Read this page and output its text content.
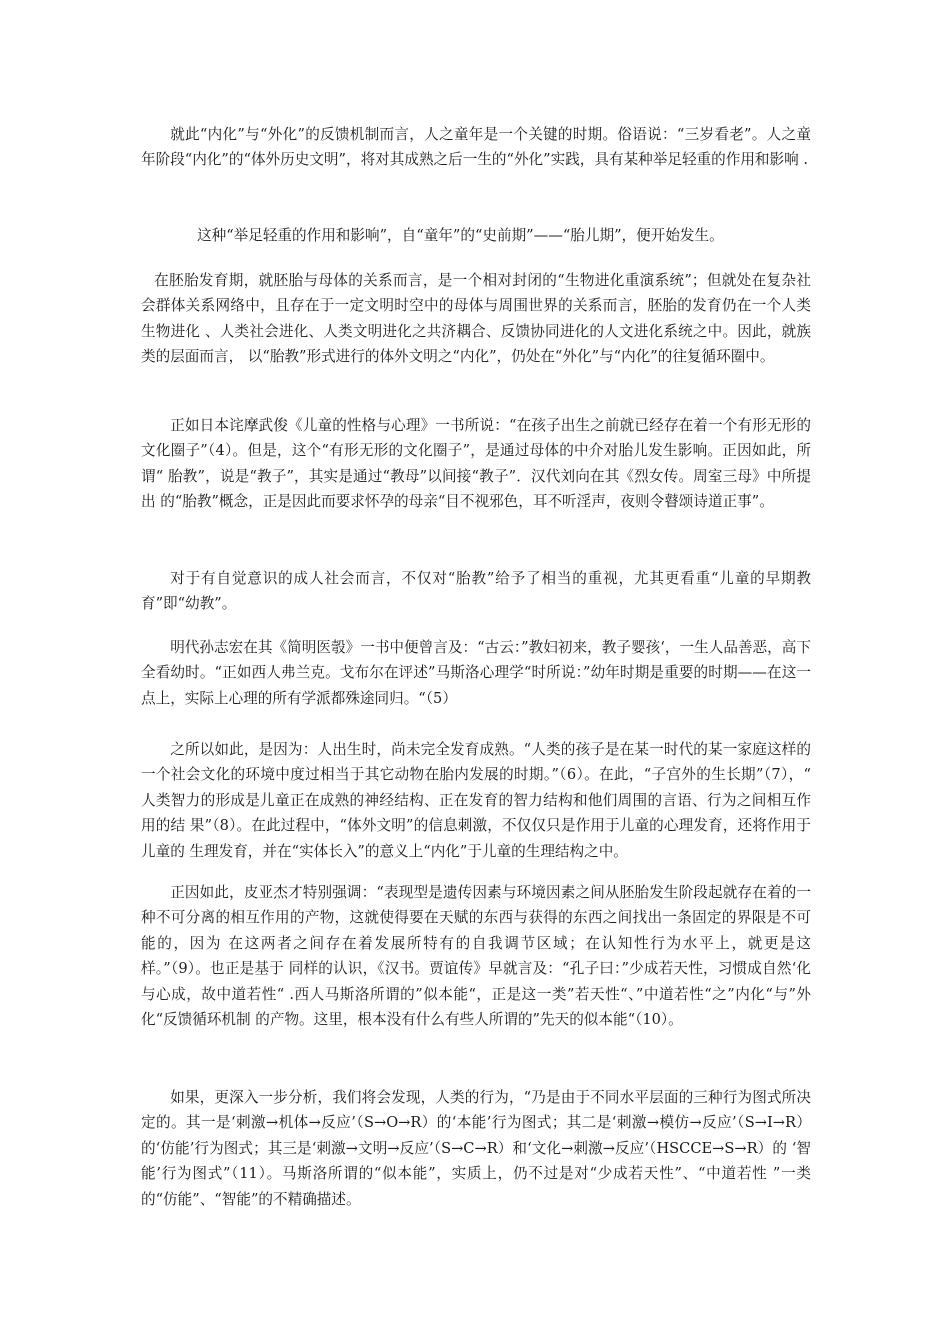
就此“内化”与“外化”的反馈机制而言，人之童年是一个关键的时期。俗语说：“三岁看老”。人之童年阶段“内化”的“体外历史文明”，将对其成熟之后一生的“外化”实践，具有某种举足轻重的作用和影响 .

这种“举足轻重的作用和影响”，自“童年”的“史前期”——“胎儿期”，便开始发生。

在胚胎发育期，就胚胎与母体的关系而言，是一个相对封闭的“生物进化重演系统”；但就处在复杂社会群体关系网络中，且存在于一定文明时空中的母体与周围世界的关系而言，胚胎的发育仍在一个人类生物进化 、人类社会进化、人类文明进化之共济耦合、反馈协同进化的人文进化系统之中。因此，就族类的层面而言， 以“胎教”形式进行的体外文明之“内化”，仍处在“外化”与“内化”的往复循环圈中。

正如日本诧摩武俊《儿童的性格与心理》一书所说：“在孩子出生之前就已经存在着一个有形无形的文化圈子”（4）。但是，这个“有形无形的文化圈子”，是通过母体的中介对胎儿发生影响。正因如此，所谓“ 胎教”，说是“教子”，其实是通过“教母”以间接“教子”．汉代刘向在其《烈女传。周室三母》中所提出 的“胎教”概念，正是因此而要求怀孕的母亲“目不视邪色，耳不听淫声，夜则令瞽颂诗道正事”。

对于有自觉意识的成人社会而言，不仅对“胎教”给予了相当的重视，尤其更看重“儿童的早期教育”即“幼教”。

明代孙志宏在其《简明医彀》一书中便曾言及：“古云：”教妇初来，教子婴孩‘，一生人品善恶，高下全看幼时。“正如西人弗兰克。戈布尔在评述”马斯洛心理学“时所说：”幼年时期是重要的时期——在这一 点上，实际上心理的所有学派都殊途同归。“（5）

之所以如此，是因为：人出生时，尚未完全发育成熟。“人类的孩子是在某一时代的某一家庭这样的一个社会文化的环境中度过相当于其它动物在胎内发展的时期。”（6）。在此，“子宫外的生长期”（7），“ 人类智力的形成是儿童正在成熟的神经结构、正在发育的智力结构和他们周围的言语、行为之间相互作用的结 果”（8）。在此过程中，“体外文明”的信息刺激，不仅仅只是作用于儿童的心理发育，还将作用于儿童的 生理发育，并在“实体长入”的意义上“内化”于儿童的生理结构之中。

正因如此，皮亚杰才特别强调：“表现型是遗传因素与环境因素之间从胚胎发生阶段起就存在着的一种不可分离的相互作用的产物，这就使得要在天赋的东西与获得的东西之间找出一条固定的界限是不可能的，因为 在这两者之间存在着发展所特有的自我调节区域；在认知性行为水平上，就更是这样。”（9）。也正是基于 同样的认识，《汉书。贾谊传》早就言及：“孔子曰：”少成若天性，习惯成自然‘化与心成，故中道若性“ .西人马斯洛所谓的”似本能“，正是这一类”若天性“、”中道若性“之”内化“与”外化“反馈循环机制 的产物。这里，根本没有什么有些人所谓的”先天的似本能“（10）。

如果，更深入一步分析，我们将会发现，人类的行为，“乃是由于不同水平层面的三种行为图式所决定的。其一是‘刺激→机体→反应’（S→O→R）的‘本能’行为图式；其二是‘刺激→模仿→反应’（S→I→R）的‘仿能’行为图式；其三是‘刺激→文明→反应’（S→C→R）和‘文化→刺激→反应’（HSCCE→S→R）的 ‘智能’行为图式”（11）。马斯洛所谓的“似本能”，实质上，仍不过是对“少成若天性”、“中道若性 ”一类的“仿能”、“智能”的不精确描述。
